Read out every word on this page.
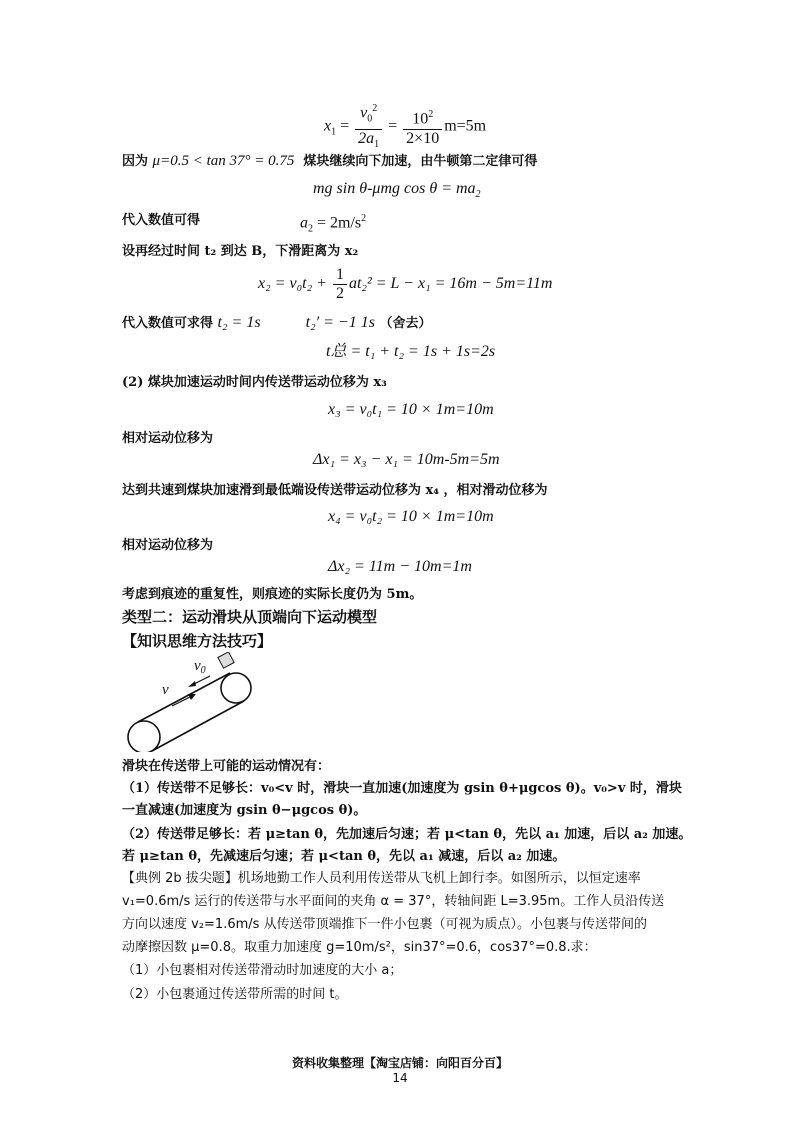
$x_1 = \frac{v_0^2}{2a_1} = \frac{10^2}{2\times 10} m=5m$
因为 μ=0.5 < tan 37° = 0.75 煤块继续向下加速，由牛顿第二定律可得
mg sin θ-μmg $\cos \theta = ma_2$
代入数值可得	$a_2 = 2m/s^2$
设再经过时间 t₂ 到达 B，下滑距离为 x₂
$x_2 = v_0t_2 + \frac{1}{2} at_2^2 = L - x_1 = 16m - 5m=11m$
代入数值可求得 t₂ = 1s	t₂′ = −1 1s （舍去）
t总 = t₁ + t₂ = 1s + 1s=2s
(2) 煤块加速运动时间内传送带运动位移为 x₃
x₃ = v₀t₁ = 10 × 1m=10m
相对运动位移为
Δx₁ = x₃ − x₁ = 10m-5m=5m
达到共速到煤块加速滑到最低端设传送带运动位移为 x₄ ，相对滑动位移为
x₄ = v₀t₂ = 10 × 1m=10m
相对运动位移为
Δx₂ = 11m − 10m=1m
考虑到痕迹的重复性，则痕迹的实际长度仍为 5m。
类型二：运动滑块从顶端向下运动模型
【知识思维方法技巧】
$v_0$
v
滑块在传送带上可能的运动情况有：
（1）传送带不足够长：v₀<v 时，滑块一直加速(加速度为 gsin θ+μgcos θ)。v₀>v 时，滑块
一直减速(加速度为 gsin θ−μgcos θ)。
（2）传送带足够长：若 μ≥tan θ，先加速后匀速；若 μ<tan θ，先以 a₁ 加速，后以 a₂ 加速。
若 μ≥tan θ，先减速后匀速；若 μ<tan θ，先以 a₁ 减速，后以 a₂ 加速。
【典例 2b 拔尖题】机场地勤工作人员利用传送带从飞机上卸行李。如图所示，以恒定速率
v₁=0.6m/s 运行的传送带与水平面间的夹角 α = 37°，转轴间距 L=3.95m。工作人员沿传送
方向以速度 v₂=1.6m/s 从传送带顶端推下一件小包裹（可视为质点）。小包裹与传送带间的
动摩擦因数 μ=0.8。取重力加速度 g=10m/s²，sin37°=0.6，cos37°=0.8.求：
（1）小包裹相对传送带滑动时加速度的大小 a；
（2）小包裹通过传送带所需的时间 t。
资料收集整理【淘宝店铺：向阳百分百】
14
